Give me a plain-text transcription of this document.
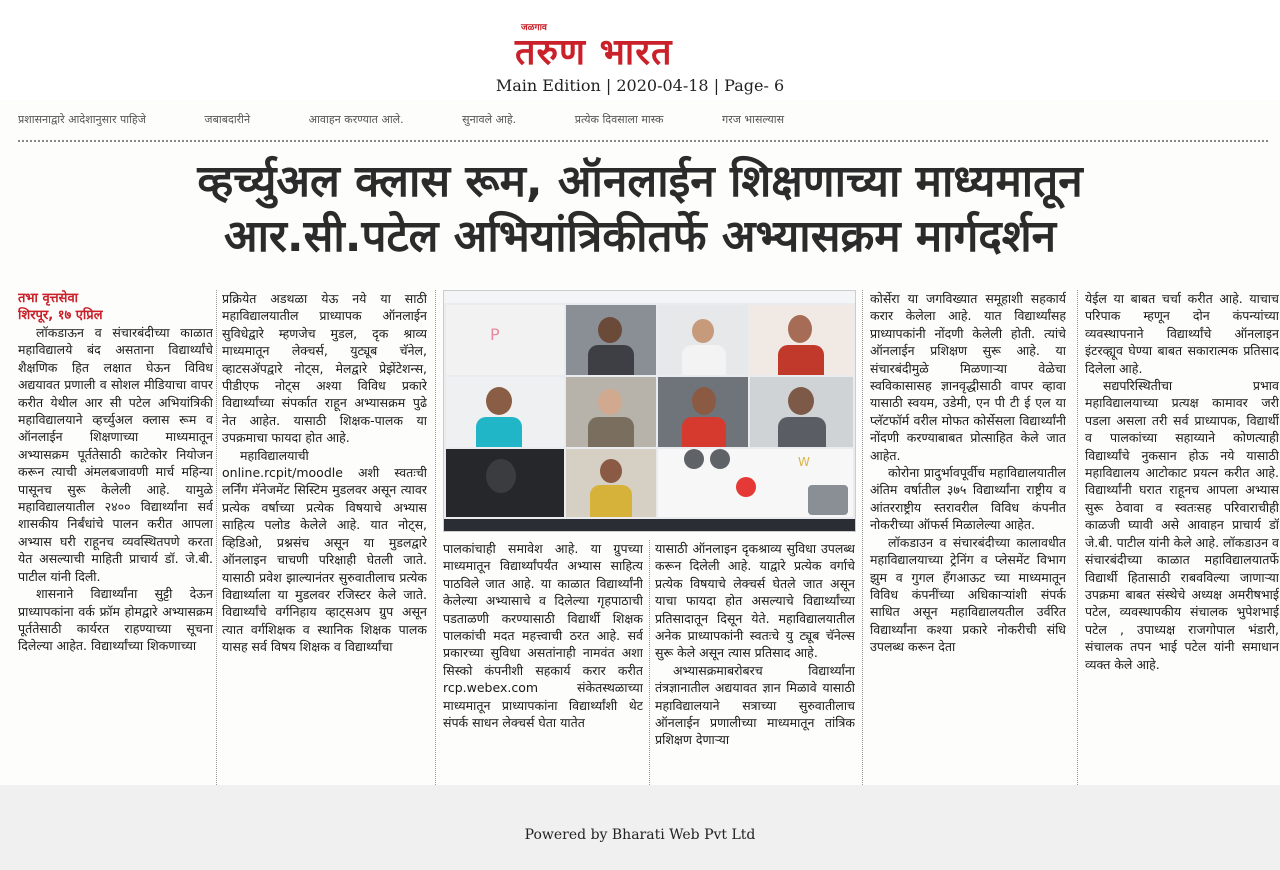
जळगाव
तरुण भारत
Main Edition | 2020-04-18 | Page- 6
प्रशासनाद्वारे आदेशानुसार पाहिजे	जबाबदारीने	आवाहन करण्यात आले.	सुनावले आहे.	प्रत्येक दिवसाला मास्क	गरज भासल्यास
व्हर्च्युअल क्लास रूम, ऑनलाईन शिक्षणाच्या माध्यमातून
आर.सी.पटेल अभियांत्रिकीतर्फे अभ्यासक्रम मार्गदर्शन
तभा वृत्तसेवा
शिरपूर, १७ एप्रिल

लॉकडाऊन व संचारबंदीच्या काळात महाविद्यालये बंद असताना विद्यार्थ्यांचे शैक्षणिक हित लक्षात घेऊन विविध अद्ययावत प्रणाली व सोशल मीडियाचा वापर करीत येथील आर सी पटेल अभियांत्रिकी महाविद्यालयाने व्हर्च्युअल क्लास रूम व ऑनलाईन शिक्षणाच्या माध्यमातून अभ्यासक्रम पूर्ततेसाठी काटेकोर नियोजन करून त्याची अंमलबजावणी मार्च महिन्या पासूनच सुरू केलेली आहे. यामुळे महाविद्यालयातील २४०० विद्यार्थ्यांना सर्व शासकीय निर्बंधांचे पालन करीत आपला अभ्यास घरी राहूनच व्यवस्थितपणे करता येत असल्याची माहिती प्राचार्य डॉ. जे.बी. पाटील यांनी दिली.

शासनाने विद्यार्थ्यांना सुट्टी देऊन प्राध्यापकांना वर्क फ्रॉम होमद्वारे अभ्यासक्रम पूर्ततेसाठी कार्यरत राहण्याच्या सूचना दिलेल्या आहेत. विद्यार्थ्यांच्या शिकणाच्या

प्रक्रियेत अडथळा येऊ नये या साठी महाविद्यालयातील प्राध्यापक ऑनलाईन सुविधेद्वारे म्हणजेच मुडल, दृक श्राव्य माध्यमातून लेक्चर्स, युट्यूब चॅनेल, व्हाटसॲपद्वारे नोट्स, मेलद्वारे प्रेझेंटेशन्स, पीडीएफ नोट्स अश्या विविध प्रकारे विद्यार्थ्यांच्या संपर्कात राहून अभ्यासक्रम पुढे नेत आहेत. यासाठी शिक्षक-पालक या उपक्रमाचा फायदा होत आहे.

महाविद्यालयाची online.rcpit/moodle अशी स्वतःची लर्निंग मॅनेजमेंट सिस्टिम मुडलवर असून त्यावर प्रत्येक वर्षाच्या प्रत्येक विषयाचे अभ्यास साहित्य पलोड केलेले आहे. यात नोट्स, व्हिडिओ, प्रश्नसंच असून या मुडलद्वारे ऑनलाइन चाचणी परिक्षाही घेतली जाते. यासाठी प्रवेश झाल्यानंतर सुरुवातीलाच प्रत्येक विद्यार्थ्याला या मुडलवर रजिस्टर केले जाते. विद्यार्थ्यांचे वर्गनिहाय व्हाट्सअप ग्रुप असून त्यात वर्गशिक्षक व स्थानिक शिक्षक पालक यासह सर्व विषय शिक्षक व विद्यार्थ्यांचा

P
W

पालकांचाही समावेश आहे. या ग्रुपच्या माध्यमातून विद्यार्थ्यांपर्यंत अभ्यास साहित्य पाठविले जात आहे. या काळात विद्यार्थ्यांनी केलेल्या अभ्यासाचे व दिलेल्या गृहपाठाची पडताळणी करण्यासाठी विद्यार्थी शिक्षक पालकांची मदत महत्त्वाची ठरत आहे. सर्व प्रकारच्या सुविधा असतांनाही नामवंत अशा सिस्को कंपनीशी सहकार्य करार करीत rcp.webex.com संकेतस्थळाच्या माध्यमातून प्राध्यापकांना विद्यार्थ्यांशी थेट संपर्क साधन लेक्चर्स घेता यातेत

यासाठी ऑनलाइन दृकश्राव्य सुविधा उपलब्ध करून दिलेली आहे. याद्वारे प्रत्येक वर्गाचे प्रत्येक विषयाचे लेक्चर्स घेतले जात असून याचा फायदा होत असल्याचे विद्यार्थ्यांच्या प्रतिसादातून दिसून येते. महाविद्यालयातील अनेक प्राध्यापकांनी स्वतःचे यु ट्यूब चॅनेल्स सुरू केले असून त्यास प्रतिसाद आहे.

अभ्यासक्रमाबरोबरच विद्यार्थ्यांना तंत्रज्ञानातील अद्ययावत ज्ञान मिळावे यासाठी महाविद्यालयाने सत्राच्या सुरुवातीलाच ऑनलाईन प्रणालीच्या माध्यमातून तांत्रिक प्रशिक्षण देणाऱ्या

कोर्सेरा या जगविख्यात समूहाशी सहकार्य करार केलेला आहे. यात विद्यार्थ्यांसह प्राध्यापकांनी नोंदणी केलेली होती. त्यांचे ऑनलाईन प्रशिक्षण सुरू आहे. या संचारबंदीमुळे मिळणाऱ्या वेळेचा स्वविकासासह ज्ञानवृद्धीसाठी वापर व्हावा यासाठी स्वयम, उडेमी, एन पी टी ई एल या प्लॅटफॉर्म वरील मोफत कोर्सेसला विद्यार्थ्यांनी नोंदणी करण्याबाबत प्रोत्साहित केले जात आहेत.

कोरोना प्रादुर्भावपूर्वीच महाविद्यालयातील अंतिम वर्षातील ३७५ विद्यार्थ्यांना राष्ट्रीय व आंतरराष्ट्रीय स्तरावरील विविध कंपनीत नोकरीच्या ऑफर्स मिळालेल्या आहेत.

लॉकडाउन व संचारबंदीच्या कालावधीत महाविद्यालयाच्या ट्रेनिंग व प्लेसमेंट विभाग झुम व गुगल हँगआऊट च्या माध्यमातून विविध कंपनींच्या अधिकाऱ्यांशी संपर्क साधित असून महाविद्यालयतील उर्वरित विद्यार्थ्यांना कश्या प्रकारे नोकरीची संधि उपलब्ध करून देता

येईल या बाबत चर्चा करीत आहे. याचाच परिपाक म्हणून दोन कंपन्यांच्या व्यवस्थापनाने विद्यार्थ्यांचे ऑनलाइन इंटरव्ह्यूव घेण्या बाबत सकारात्मक प्रतिसाद दिलेला आहे.

सद्यपरिस्थितीचा प्रभाव महाविद्यालयाच्या प्रत्यक्ष कामावर जरी पडला असला तरी सर्व प्राध्यापक, विद्यार्थी व पालकांच्या सहाय्याने कोणत्याही विद्यार्थ्यांचे नुकसान होऊ नये यासाठी महाविद्यालय आटोकाट प्रयत्न करीत आहे. विद्यार्थ्यांनी घरात राहूनच आपला अभ्यास सुरू ठेवावा व स्वतःसह परिवाराचीही काळजी घ्यावी असे आवाहन प्राचार्य डॉ जे.बी. पाटील यांनी केले आहे. लॉकडाउन व संचारबंदीच्या काळात महाविद्यालयातर्फे विद्यार्थी हितासाठी राबवविल्या जाणाऱ्या उपक्रमा बाबत संस्थेचे अध्यक्ष अमरीषभाई पटेल, व्यवस्थापकीय संचालक भुपेशभाई पटेल , उपाध्यक्ष राजगोपाल भंडारी, संचालक तपन भाई पटेल यांनी समाधान व्यक्त केले आहे.

Powered by Bharati Web Pvt Ltd
